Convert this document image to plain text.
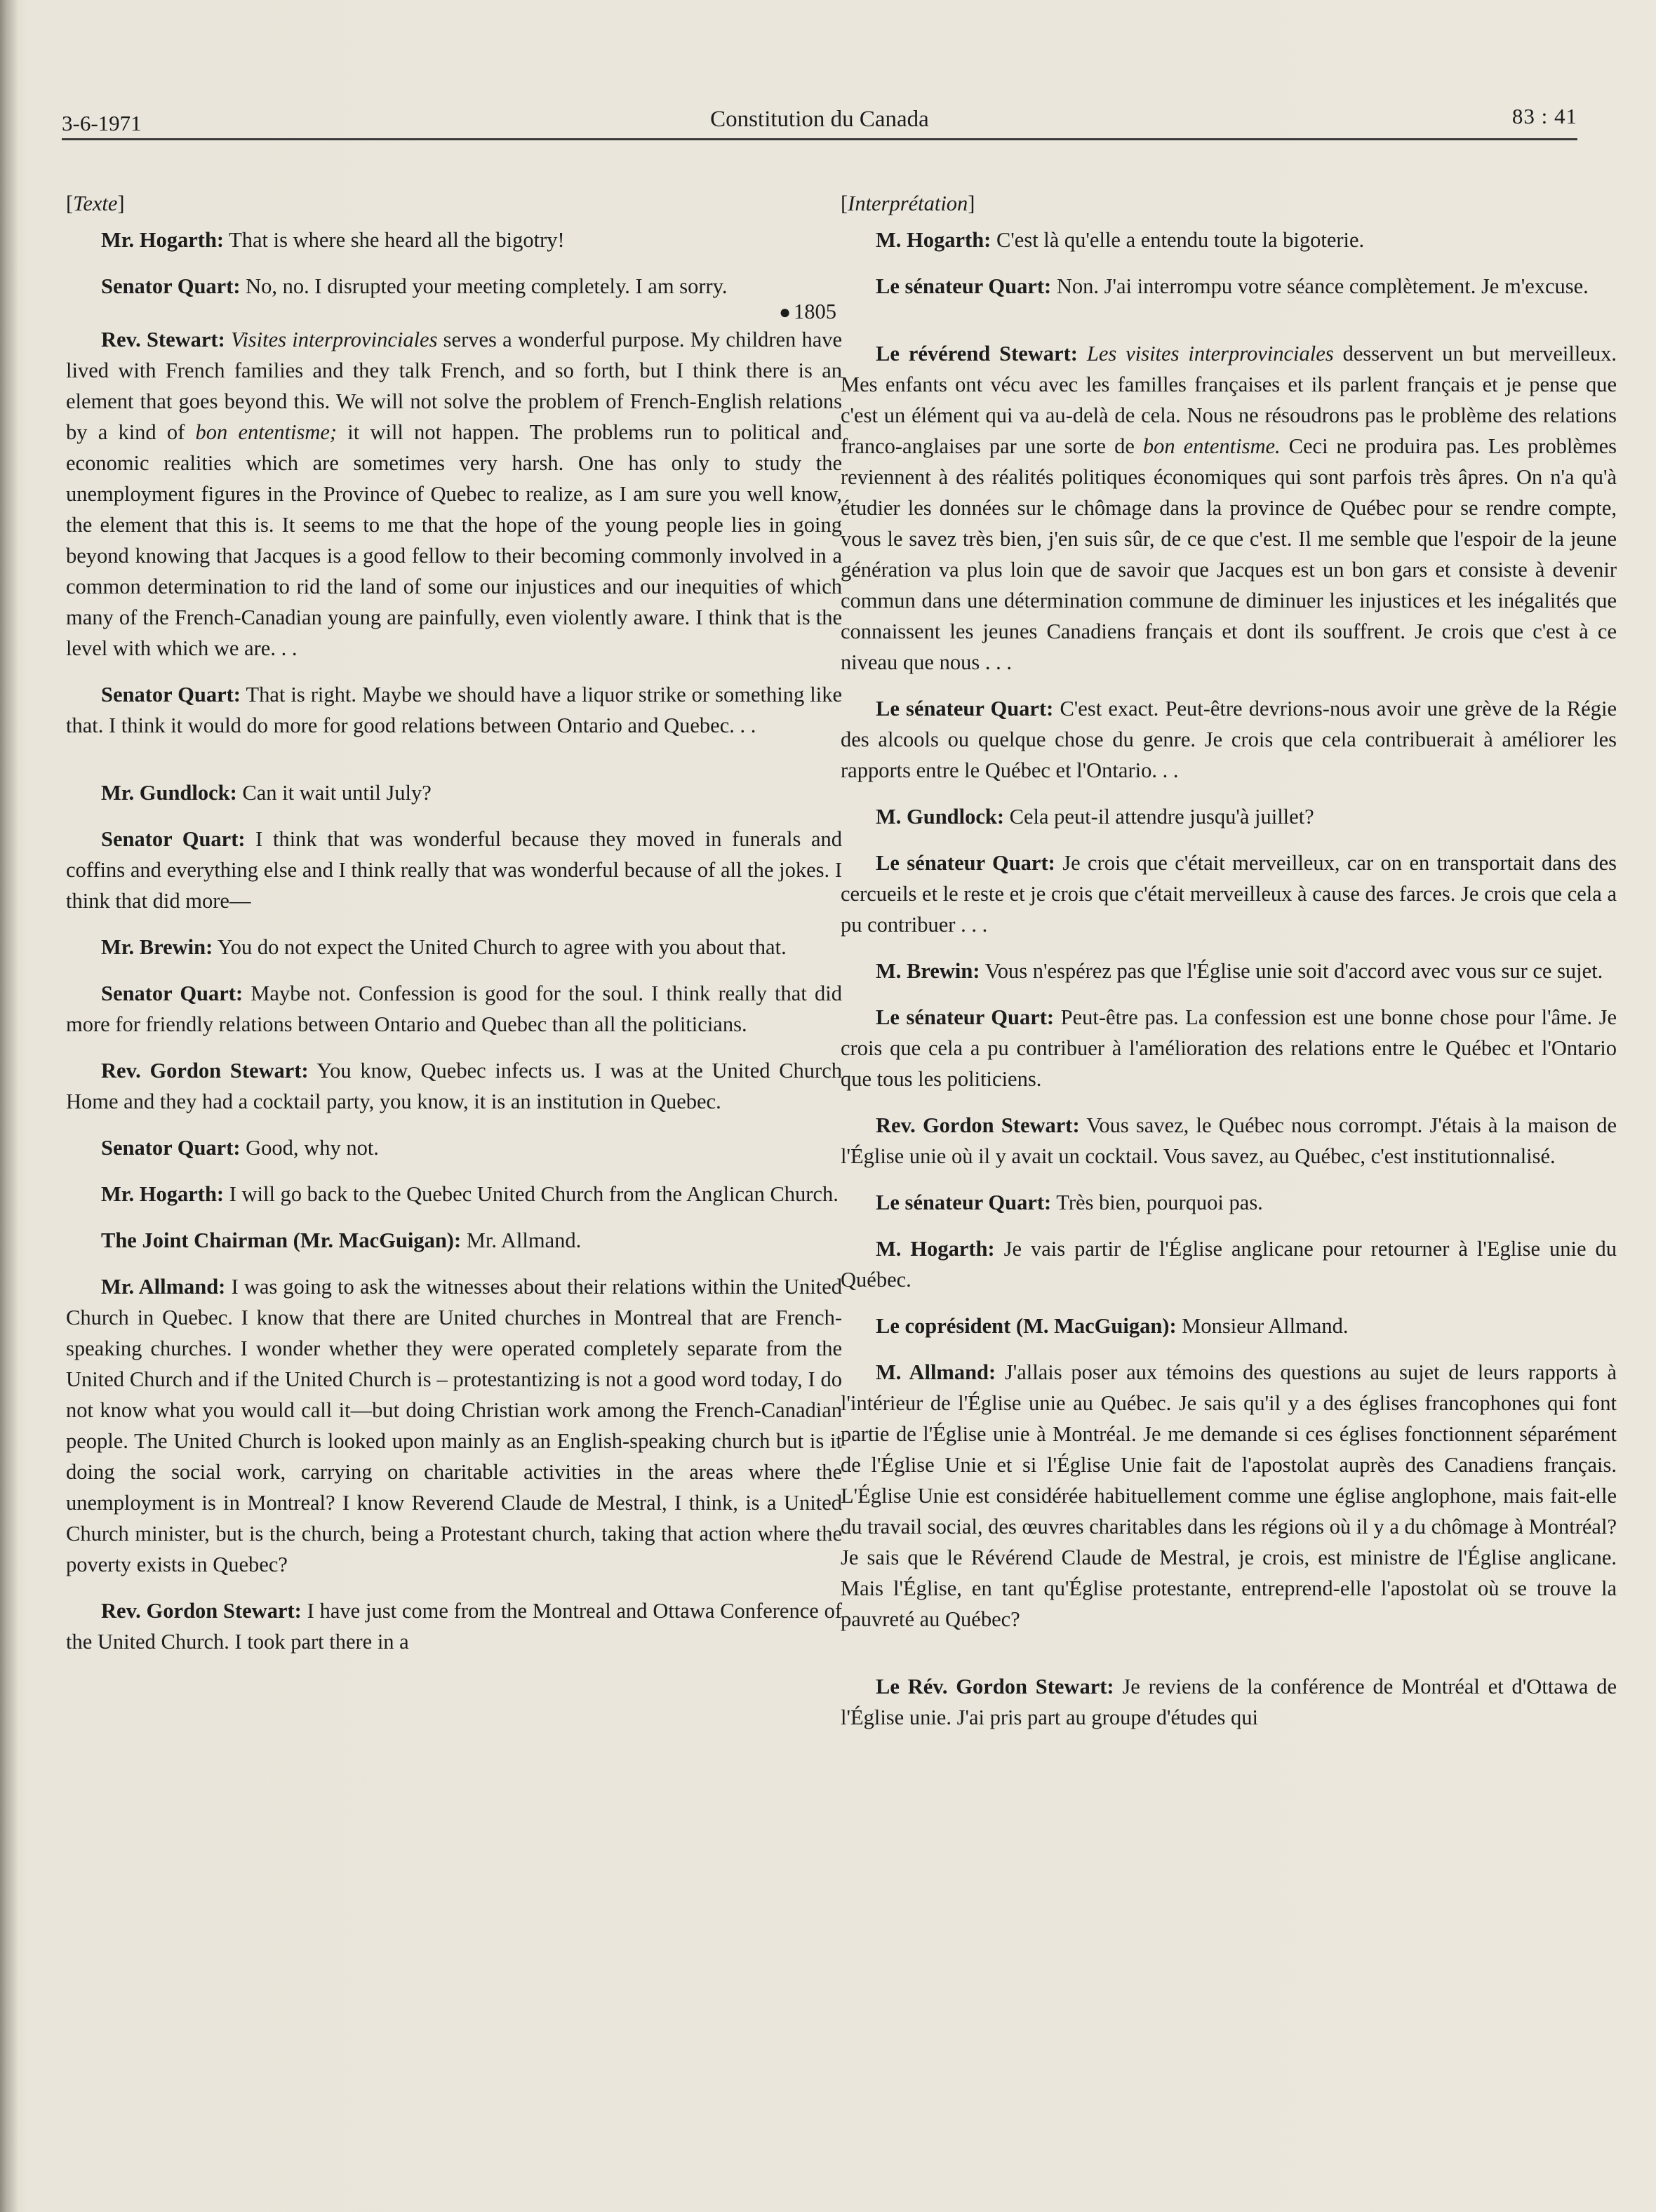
3-6-1971	Constitution du Canada	83 : 41
[Texte]

Mr. Hogarth: That is where she heard all the bigotry!

Senator Quart: No, no. I disrupted your meeting completely. I am sorry.

● 1805

Rev. Stewart: Visites interprovinciales serves a wonderful purpose. My children have lived with French families and they talk French, and so forth, but I think there is an element that goes beyond this. We will not solve the problem of French-English relations by a kind of bon ententisme; it will not happen. The problems run to political and economic realities which are sometimes very harsh. One has only to study the unemployment figures in the Province of Quebec to realize, as I am sure you well know, the element that this is. It seems to me that the hope of the young people lies in going beyond knowing that Jacques is a good fellow to their becoming commonly involved in a common determination to rid the land of some our injustices and our inequities of which many of the French-Canadian young are painfully, even violently aware. I think that is the level with which we are. . .

Senator Quart: That is right. Maybe we should have a liquor strike or something like that. I think it would do more for good relations between Ontario and Quebec. . .

Mr. Gundlock: Can it wait until July?

Senator Quart: I think that was wonderful because they moved in funerals and coffins and everything else and I think really that was wonderful because of all the jokes. I think that did more—

Mr. Brewin: You do not expect the United Church to agree with you about that.

Senator Quart: Maybe not. Confession is good for the soul. I think really that did more for friendly relations between Ontario and Quebec than all the politicians.

Rev. Gordon Stewart: You know, Quebec infects us. I was at the United Church Home and they had a cocktail party, you know, it is an institution in Quebec.

Senator Quart: Good, why not.

Mr. Hogarth: I will go back to the Quebec United Church from the Anglican Church.

The Joint Chairman (Mr. MacGuigan): Mr. Allmand.

Mr. Allmand: I was going to ask the witnesses about their relations within the United Church in Quebec. I know that there are United churches in Montreal that are French-speaking churches. I wonder whether they were operated completely separate from the United Church and if the United Church is – protestantizing is not a good word today, I do not know what you would call it—but doing Christian work among the French-Canadian people. The United Church is looked upon mainly as an English-speaking church but is it doing the social work, carrying on charitable activities in the areas where the unemployment is in Montreal? I know Reverend Claude de Mestral, I think, is a United Church minister, but is the church, being a Protestant church, taking that action where the poverty exists in Quebec?

Rev. Gordon Stewart: I have just come from the Montreal and Ottawa Conference of the United Church. I took part there in a

[Interprétation]

M. Hogarth: C'est là qu'elle a entendu toute la bigoterie.

Le sénateur Quart: Non. J'ai interrompu votre séance complètement. Je m'excuse.

Le révérend Stewart: Les visites interprovinciales desservent un but merveilleux. Mes enfants ont vécu avec les familles françaises et ils parlent français et je pense que c'est un élément qui va au-delà de cela. Nous ne résoudrons pas le problème des relations franco-anglaises par une sorte de bon ententisme. Ceci ne produira pas. Les problèmes reviennent à des réalités politiques économiques qui sont parfois très âpres. On n'a qu'à étudier les données sur le chômage dans la province de Québec pour se rendre compte, vous le savez très bien, j'en suis sûr, de ce que c'est. Il me semble que l'espoir de la jeune génération va plus loin que de savoir que Jacques est un bon gars et consiste à devenir commun dans une détermination commune de diminuer les injustices et les inégalités que connaissent les jeunes Canadiens français et dont ils souffrent. Je crois que c'est à ce niveau que nous . . .

Le sénateur Quart: C'est exact. Peut-être devrions-nous avoir une grève de la Régie des alcools ou quelque chose du genre. Je crois que cela contribuerait à améliorer les rapports entre le Québec et l'Ontario. . .

M. Gundlock: Cela peut-il attendre jusqu'à juillet?

Le sénateur Quart: Je crois que c'était merveilleux, car on en transportait dans des cercueils et le reste et je crois que c'était merveilleux à cause des farces. Je crois que cela a pu contribuer . . .

M. Brewin: Vous n'espérez pas que l'Église unie soit d'accord avec vous sur ce sujet.

Le sénateur Quart: Peut-être pas. La confession est une bonne chose pour l'âme. Je crois que cela a pu contribuer à l'amélioration des relations entre le Québec et l'Ontario que tous les politiciens.

Rev. Gordon Stewart: Vous savez, le Québec nous corrompt. J'étais à la maison de l'Église unie où il y avait un cocktail. Vous savez, au Québec, c'est institutionnalisé.

Le sénateur Quart: Très bien, pourquoi pas.

M. Hogarth: Je vais partir de l'Église anglicane pour retourner à l'Eglise unie du Québec.

Le coprésident (M. MacGuigan): Monsieur Allmand.

M. Allmand: J'allais poser aux témoins des questions au sujet de leurs rapports à l'intérieur de l'Église unie au Québec. Je sais qu'il y a des églises francophones qui font partie de l'Église unie à Montréal. Je me demande si ces églises fonctionnent séparément de l'Église Unie et si l'Église Unie fait de l'apostolat auprès des Canadiens français. L'Église Unie est considérée habituellement comme une église anglophone, mais fait-elle du travail social, des œuvres charitables dans les régions où il y a du chômage à Montréal? Je sais que le Révérend Claude de Mestral, je crois, est ministre de l'Église anglicane. Mais l'Église, en tant qu'Église protestante, entreprend-elle l'apostolat où se trouve la pauvreté au Québec?

Le Rév. Gordon Stewart: Je reviens de la conférence de Montréal et d'Ottawa de l'Église unie. J'ai pris part au groupe d'études qui
